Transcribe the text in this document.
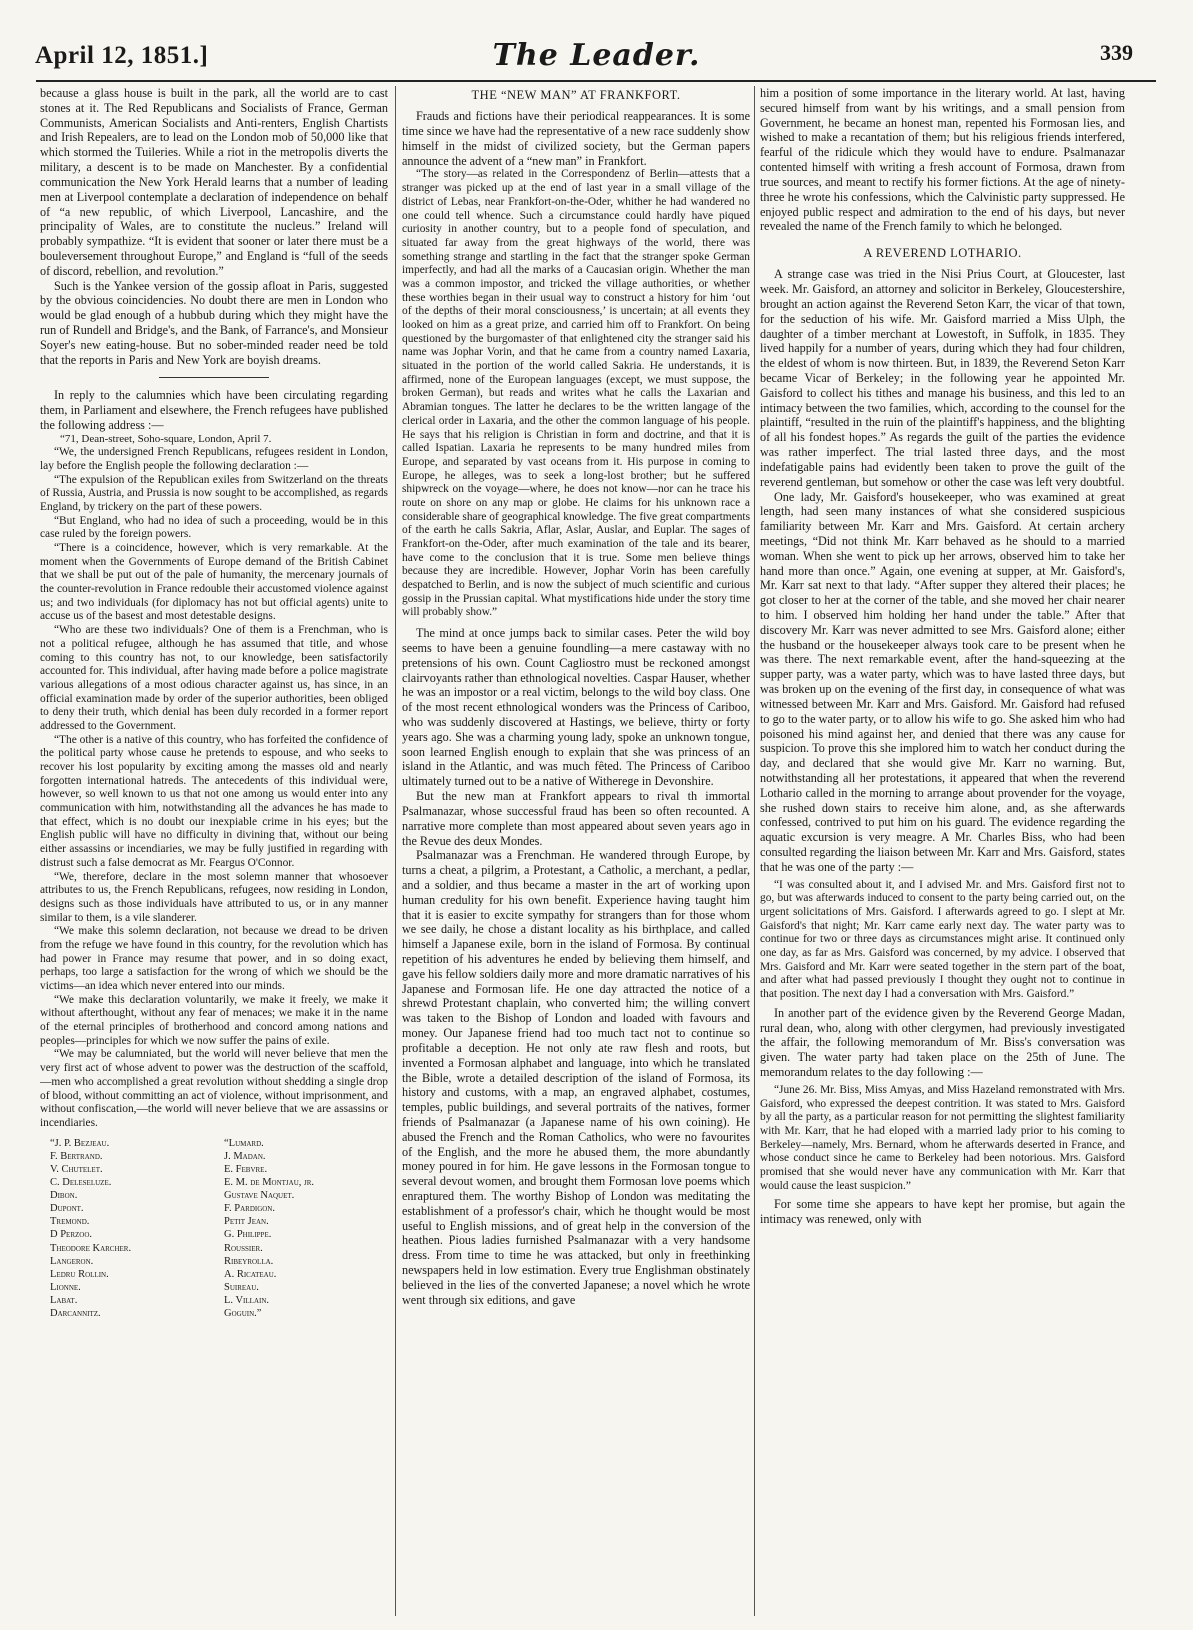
April 12, 1851.]	The Leader.	339

because a glass house is built in the park, all the world are to cast stones at it. The Red Republicans and Socialists of France, German Communists, American Socialists and Anti-renters, English Chartists and Irish Repealers, are to lead on the London mob of 50,000 like that which stormed the Tuileries. While a riot in the metropolis diverts the military, a descent is to be made on Manchester. By a confidential communication the New York Herald learns that a number of leading men at Liverpool contemplate a declaration of independence on behalf of “a new republic, of which Liverpool, Lancashire, and the principality of Wales, are to constitute the nucleus.” Ireland will probably sympathize. “It is evident that sooner or later there must be a bouleversement throughout Europe,” and England is “full of the seeds of discord, rebellion, and revolution.”

Such is the Yankee version of the gossip afloat in Paris, suggested by the obvious coincidencies. No doubt there are men in London who would be glad enough of a hubbub during which they might have the run of Rundell and Bridge's, and the Bank, of Farrance's, and Monsieur Soyer's new eating-house. But no sober-minded reader need be told that the reports in Paris and New York are boyish dreams.

In reply to the calumnies which have been circulating regarding them, in Parliament and elsewhere, the French refugees have published the following address :—

“71, Dean-street, Soho-square, London, April 7.

“We, the undersigned French Republicans, refugees resident in London, lay before the English people the following declaration :—

“The expulsion of the Republican exiles from Switzerland on the threats of Russia, Austria, and Prussia is now sought to be accomplished, as regards England, by trickery on the part of these powers.

“But England, who had no idea of such a proceeding, would be in this case ruled by the foreign powers.

“There is a coincidence, however, which is very remarkable. At the moment when the Governments of Europe demand of the British Cabinet that we shall be put out of the pale of humanity, the mercenary journals of the counter-revolution in France redouble their accustomed violence against us; and two individuals (for diplomacy has not but official agents) unite to accuse us of the basest and most detestable designs.

“Who are these two individuals? One of them is a Frenchman, who is not a political refugee, although he has assumed that title, and whose coming to this country has not, to our knowledge, been satisfactorily accounted for. This individual, after having made before a police magistrate various allegations of a most odious character against us, has since, in an official examination made by order of the superior authorities, been obliged to deny their truth, which denial has been duly recorded in a former report addressed to the Government.

“The other is a native of this country, who has forfeited the confidence of the political party whose cause he pretends to espouse, and who seeks to recover his lost popularity by exciting among the masses old and nearly forgotten international hatreds. The antecedents of this individual were, however, so well known to us that not one among us would enter into any communication with him, notwithstanding all the advances he has made to that effect, which is no doubt our inexpiable crime in his eyes; but the English public will have no difficulty in divining that, without our being either assassins or incendiaries, we may be fully justified in regarding with distrust such a false democrat as Mr. Feargus O'Connor.

“We, therefore, declare in the most solemn manner that whosoever attributes to us, the French Republicans, refugees, now residing in London, designs such as those individuals have attributed to us, or in any manner similar to them, is a vile slanderer.

“We make this solemn declaration, not because we dread to be driven from the refuge we have found in this country, for the revolution which has had power in France may resume that power, and in so doing exact, perhaps, too large a satisfaction for the wrong of which we should be the victims—an idea which never entered into our minds.

“We make this declaration voluntarily, we make it freely, we make it without afterthought, without any fear of menaces; we make it in the name of the eternal principles of brotherhood and concord among nations and peoples—principles for which we now suffer the pains of exile.

“We may be calumniated, but the world will never believe that men the very first act of whose advent to power was the destruction of the scaffold,—men who accomplished a great revolution without shedding a single drop of blood, without committing an act of violence, without imprisonment, and without confiscation,—the world will never believe that we are assassins or incendiaries.

“J. P. Bezjeau.
F. Bertrand.
V. Chutelet.
C. Deleseluze.
Dibon.
Dupont.
Tremond.
D Perzoo.
Theodore Karcher.
Langeron.
Ledru Rollin.
Lionne.
Labat.
Darcannitz.
“Lumard.
J. Madan.
E. Febvre.
E. M. de Montjau, jr.
Gustave Naquet.
F. Pardigon.
Petit Jean.
G. Philippe.
Roussier.
Ribeyrolla.
A. Ricateau.
Suireau.
L. Villain.
Goguin.”
THE “NEW MAN” AT FRANKFORT.

Frauds and fictions have their periodical reappearances. It is some time since we have had the representative of a new race suddenly show himself in the midst of civilized society, but the German papers announce the advent of a “new man” in Frankfort.

“The story—as related in the Correspondenz of Berlin—attests that a stranger was picked up at the end of last year in a small village of the district of Lebas, near Frankfort-on-the-Oder, whither he had wandered no one could tell whence. Such a circumstance could hardly have piqued curiosity in another country, but to a people fond of speculation, and situated far away from the great highways of the world, there was something strange and startling in the fact that the stranger spoke German imperfectly, and had all the marks of a Caucasian origin. Whether the man was a common impostor, and tricked the village authorities, or whether these worthies began in their usual way to construct a history for him ‘out of the depths of their moral consciousness,’ is uncertain; at all events they looked on him as a great prize, and carried him off to Frankfort. On being questioned by the burgomaster of that enlightened city the stranger said his name was Jophar Vorin, and that he came from a country named Laxaria, situated in the portion of the world called Sakria. He understands, it is affirmed, none of the European languages (except, we must suppose, the broken German), but reads and writes what he calls the Laxarian and Abramian tongues. The latter he declares to be the written langage of the clerical order in Laxaria, and the other the common language of his people. He says that his religion is Christian in form and doctrine, and that it is called Ispatian. Laxaria he represents to be many hundred miles from Europe, and separated by vast oceans from it. His purpose in coming to Europe, he alleges, was to seek a long-lost brother; but he suffered shipwreck on the voyage—where, he does not know—nor can he trace his route on shore on any map or globe. He claims for his unknown race a considerable share of geographical knowledge. The five great compartments of the earth he calls Sakria, Aflar, Aslar, Auslar, and Euplar. The sages of Frankfort-on the-Oder, after much examination of the tale and its bearer, have come to the conclusion that it is true. Some men believe things because they are incredible. However, Jophar Vorin has been carefully despatched to Berlin, and is now the subject of much scientific and curious gossip in the Prussian capital. What mystifications hide under the story time will probably show.”

The mind at once jumps back to similar cases. Peter the wild boy seems to have been a genuine foundling—a mere castaway with no pretensions of his own. Count Cagliostro must be reckoned amongst clairvoyants rather than ethnological novelties. Caspar Hauser, whether he was an impostor or a real victim, belongs to the wild boy class. One of the most recent ethnological wonders was the Princess of Cariboo, who was suddenly discovered at Hastings, we believe, thirty or forty years ago. She was a charming young lady, spoke an unknown tongue, soon learned English enough to explain that she was princess of an island in the Atlantic, and was much fêted. The Princess of Cariboo ultimately turned out to be a native of Witherege in Devonshire.

But the new man at Frankfort appears to rival th immortal Psalmanazar, whose successful fraud has been so often recounted. A narrative more complete than most appeared about seven years ago in the Revue des deux Mondes.

Psalmanazar was a Frenchman. He wandered through Europe, by turns a cheat, a pilgrim, a Protestant, a Catholic, a merchant, a pedlar, and a soldier, and thus became a master in the art of working upon human credulity for his own benefit. Experience having taught him that it is easier to excite sympathy for strangers than for those whom we see daily, he chose a distant locality as his birthplace, and called himself a Japanese exile, born in the island of Formosa. By continual repetition of his adventures he ended by believing them himself, and gave his fellow soldiers daily more and more dramatic narratives of his Japanese and Formosan life. He one day attracted the notice of a shrewd Protestant chaplain, who converted him; the willing convert was taken to the Bishop of London and loaded with favours and money. Our Japanese friend had too much tact not to continue so profitable a deception. He not only ate raw flesh and roots, but invented a Formosan alphabet and language, into which he translated the Bible, wrote a detailed description of the island of Formosa, its history and customs, with a map, an engraved alphabet, costumes, temples, public buildings, and several portraits of the natives, former friends of Psalmanazar (a Japanese name of his own coining). He abused the French and the Roman Catholics, who were no favourites of the English, and the more he abused them, the more abundantly money poured in for him. He gave lessons in the Formosan tongue to several devout women, and brought them Formosan love poems which enraptured them. The worthy Bishop of London was meditating the establishment of a professor's chair, which he thought would be most useful to English missions, and of great help in the conversion of the heathen. Pious ladies furnished Psalmanazar with a very handsome dress. From time to time he was attacked, but only in freethinking newspapers held in low estimation. Every true Englishman obstinately believed in the lies of the converted Japanese; a novel which he wrote went through six editions, and gave

him a position of some importance in the literary world. At last, having secured himself from want by his writings, and a small pension from Government, he became an honest man, repented his Formosan lies, and wished to make a recantation of them; but his religious friends interfered, fearful of the ridicule which they would have to endure. Psalmanazar contented himself with writing a fresh account of Formosa, drawn from true sources, and meant to rectify his former fictions. At the age of ninety-three he wrote his confessions, which the Calvinistic party suppressed. He enjoyed public respect and admiration to the end of his days, but never revealed the name of the French family to which he belonged.

A REVEREND LOTHARIO.

A strange case was tried in the Nisi Prius Court, at Gloucester, last week. Mr. Gaisford, an attorney and solicitor in Berkeley, Gloucestershire, brought an action against the Reverend Seton Karr, the vicar of that town, for the seduction of his wife. Mr. Gaisford married a Miss Ulph, the daughter of a timber merchant at Lowestoft, in Suffolk, in 1835. They lived happily for a number of years, during which they had four children, the eldest of whom is now thirteen. But, in 1839, the Reverend Seton Karr became Vicar of Berkeley; in the following year he appointed Mr. Gaisford to collect his tithes and manage his business, and this led to an intimacy between the two families, which, according to the counsel for the plaintiff, “resulted in the ruin of the plaintiff's happiness, and the blighting of all his fondest hopes.” As regards the guilt of the parties the evidence was rather imperfect. The trial lasted three days, and the most indefatigable pains had evidently been taken to prove the guilt of the reverend gentleman, but somehow or other the case was left very doubtful.

One lady, Mr. Gaisford's housekeeper, who was examined at great length, had seen many instances of what she considered suspicious familiarity between Mr. Karr and Mrs. Gaisford. At certain archery meetings, “Did not think Mr. Karr behaved as he should to a married woman. When she went to pick up her arrows, observed him to take her hand more than once.” Again, one evening at supper, at Mr. Gaisford's, Mr. Karr sat next to that lady. “After supper they altered their places; he got closer to her at the corner of the table, and she moved her chair nearer to him. I observed him holding her hand under the table.” After that discovery Mr. Karr was never admitted to see Mrs. Gaisford alone; either the husband or the housekeeper always took care to be present when he was there. The next remarkable event, after the hand-squeezing at the supper party, was a water party, which was to have lasted three days, but was broken up on the evening of the first day, in consequence of what was witnessed between Mr. Karr and Mrs. Gaisford. Mr. Gaisford had refused to go to the water party, or to allow his wife to go. She asked him who had poisoned his mind against her, and denied that there was any cause for suspicion. To prove this she implored him to watch her conduct during the day, and declared that she would give Mr. Karr no warning. But, notwithstanding all her protestations, it appeared that when the reverend Lothario called in the morning to arrange about provender for the voyage, she rushed down stairs to receive him alone, and, as she afterwards confessed, contrived to put him on his guard. The evidence regarding the aquatic excursion is very meagre. A Mr. Charles Biss, who had been consulted regarding the liaison between Mr. Karr and Mrs. Gaisford, states that he was one of the party :—

“I was consulted about it, and I advised Mr. and Mrs. Gaisford first not to go, but was afterwards induced to consent to the party being carried out, on the urgent solicitations of Mrs. Gaisford. I afterwards agreed to go. I slept at Mr. Gaisford's that night; Mr. Karr came early next day. The water party was to continue for two or three days as circumstances might arise. It continued only one day, as far as Mrs. Gaisford was concerned, by my advice. I observed that Mrs. Gaisford and Mr. Karr were seated together in the stern part of the boat, and after what had passed previously I thought they ought not to continue in that position. The next day I had a conversation with Mrs. Gaisford.”

In another part of the evidence given by the Reverend George Madan, rural dean, who, along with other clergymen, had previously investigated the affair, the following memorandum of Mr. Biss's conversation was given. The water party had taken place on the 25th of June. The memorandum relates to the day following :—

“June 26. Mr. Biss, Miss Amyas, and Miss Hazeland remonstrated with Mrs. Gaisford, who expressed the deepest contrition. It was stated to Mrs. Gaisford by all the party, as a particular reason for not permitting the slightest familiarity with Mr. Karr, that he had eloped with a married lady prior to his coming to Berkeley—namely, Mrs. Bernard, whom he afterwards deserted in France, and whose conduct since he came to Berkeley had been notorious. Mrs. Gaisford promised that she would never have any communication with Mr. Karr that would cause the least suspicion.”

For some time she appears to have kept her promise, but again the intimacy was renewed, only with
